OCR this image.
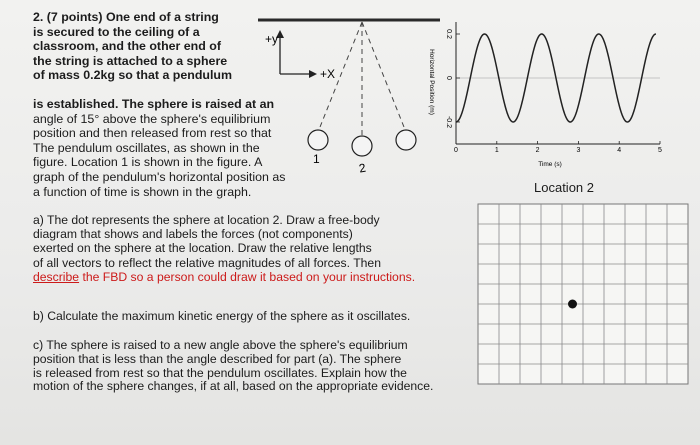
2. (7 points) One end of a string
is secured to the ceiling of a
classroom, and the other end of
the string is attached to a sphere
of mass 0.2kg so that a pendulum
is established. The sphere is raised at an
angle of 15° above the sphere's equilibrium
position and then released from rest so that
The pendulum oscillates, as shown in the
figure. Location 1 is shown in the figure. A
graph of the pendulum's horizontal position as
a function of time is shown in the graph.
+y
+X
1
2
Horizontal Position (m)
Time (s)
0	1	2	3	4	5
0.2
0
-0.2
Location 2
a) The dot represents the sphere at location 2. Draw a free-body
diagram that shows and labels the forces (not components)
exerted on the sphere at the location. Draw the relative lengths
of all vectors to reflect the relative magnitudes of all forces. Then
describe the FBD so a person could draw it based on your instructions.
b) Calculate the maximum kinetic energy of the sphere as it oscillates.
c) The sphere is raised to a new angle above the sphere's equilibrium
position that is less than the angle described for part (a). The sphere
is released from rest so that the pendulum oscillates. Explain how the
motion of the sphere changes, if at all, based on the appropriate evidence.
